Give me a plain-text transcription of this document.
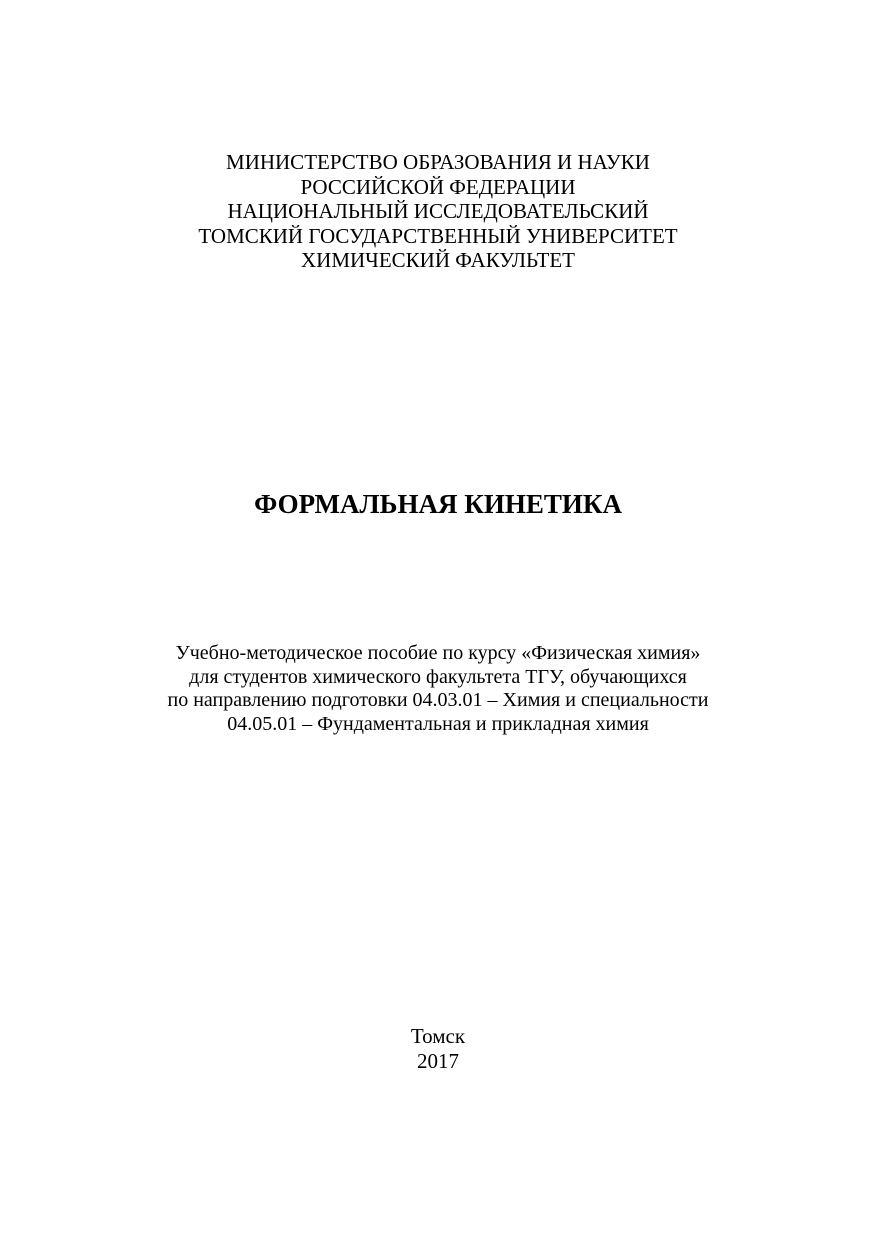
МИНИСТЕРСТВО ОБРАЗОВАНИЯ И НАУКИ
РОССИЙСКОЙ ФЕДЕРАЦИИ
НАЦИОНАЛЬНЫЙ ИССЛЕДОВАТЕЛЬСКИЙ
ТОМСКИЙ ГОСУДАРСТВЕННЫЙ УНИВЕРСИТЕТ
ХИМИЧЕСКИЙ ФАКУЛЬТЕТ
ФОРМАЛЬНАЯ КИНЕТИКА
Учебно-методическое пособие по курсу «Физическая химия»
для студентов химического факультета ТГУ, обучающихся
по направлению подготовки 04.03.01 – Химия и специальности
04.05.01 – Фундаментальная и прикладная химия
Томск
2017
